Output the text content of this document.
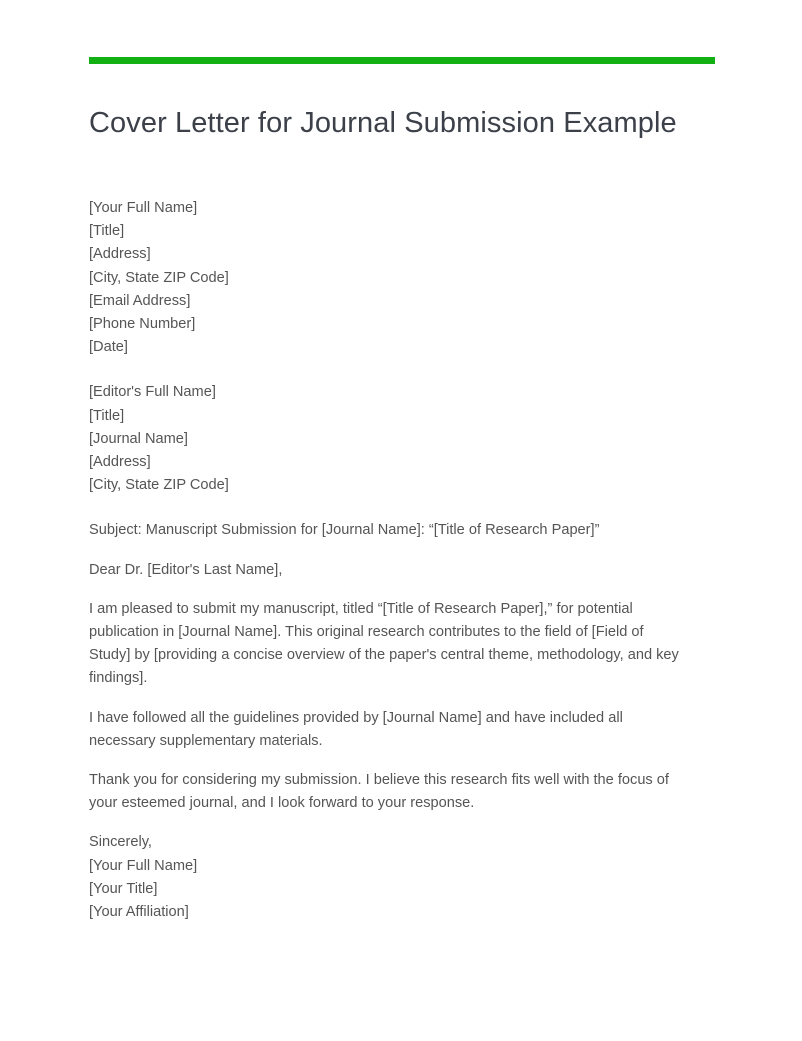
Cover Letter for Journal Submission Example
[Your Full Name]
[Title]
[Address]
[City, State ZIP Code]
[Email Address]
[Phone Number]
[Date]
[Editor's Full Name]
[Title]
[Journal Name]
[Address]
[City, State ZIP Code]

Subject: Manuscript Submission for [Journal Name]: “[Title of Research Paper]”

Dear Dr. [Editor's Last Name],

I am pleased to submit my manuscript, titled “[Title of Research Paper],” for potential publication in [Journal Name]. This original research contributes to the field of [Field of Study] by [providing a concise overview of the paper's central theme, methodology, and key findings].

I have followed all the guidelines provided by [Journal Name] and have included all necessary supplementary materials.

Thank you for considering my submission. I believe this research fits well with the focus of your esteemed journal, and I look forward to your response.

Sincerely,
[Your Full Name]
[Your Title]
[Your Affiliation]
